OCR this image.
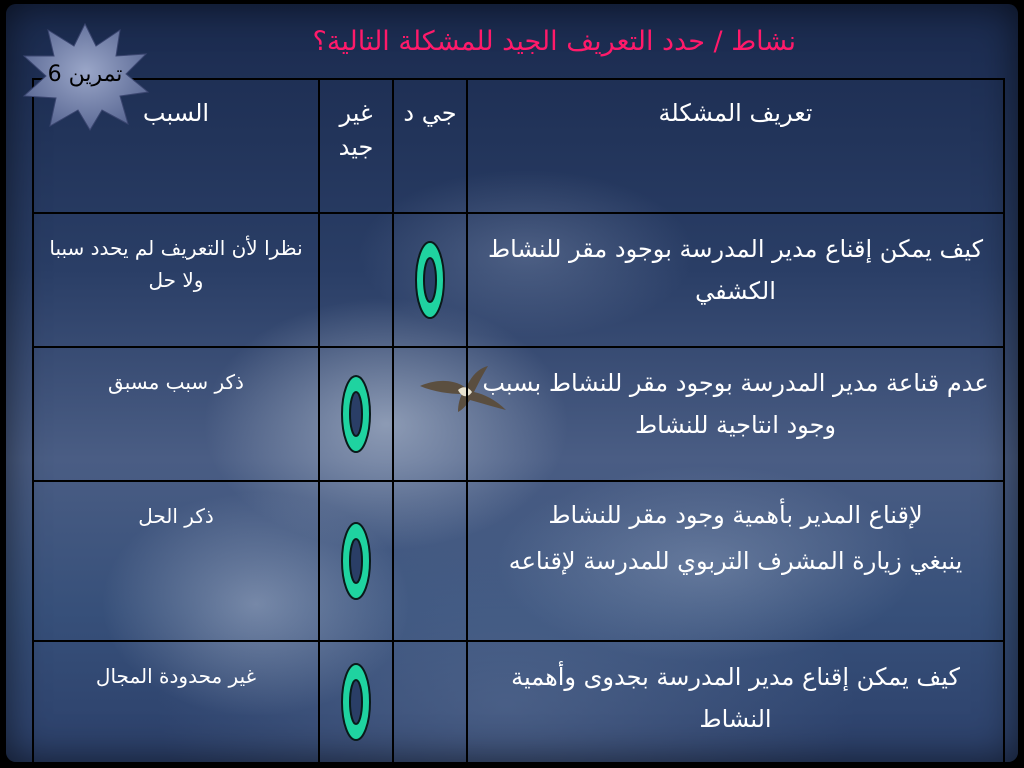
نشاط / حدد التعريف الجيد للمشكلة التالية؟
السبب	غير جيد	جي د	تعريف المشكلة
نظرا لأن التعريف لم يحدد سببا ولا حل			كيف يمكن إقناع مدير المدرسة بوجود مقر للنشاط الكشفي
ذكر سبب مسبق			عدم قناعة مدير المدرسة بوجود مقر للنشاط بسبب وجود انتاجية للنشاط
ذكر الحل			لإقناع المدير بأهمية وجود مقر للنشاط
ينبغي زيارة المشرف التربوي للمدرسة لإقناعه

غير محدودة المجال			كيف يمكن إقناع مدير المدرسة بجدوى وأهمية النشاط
تمرين 6
